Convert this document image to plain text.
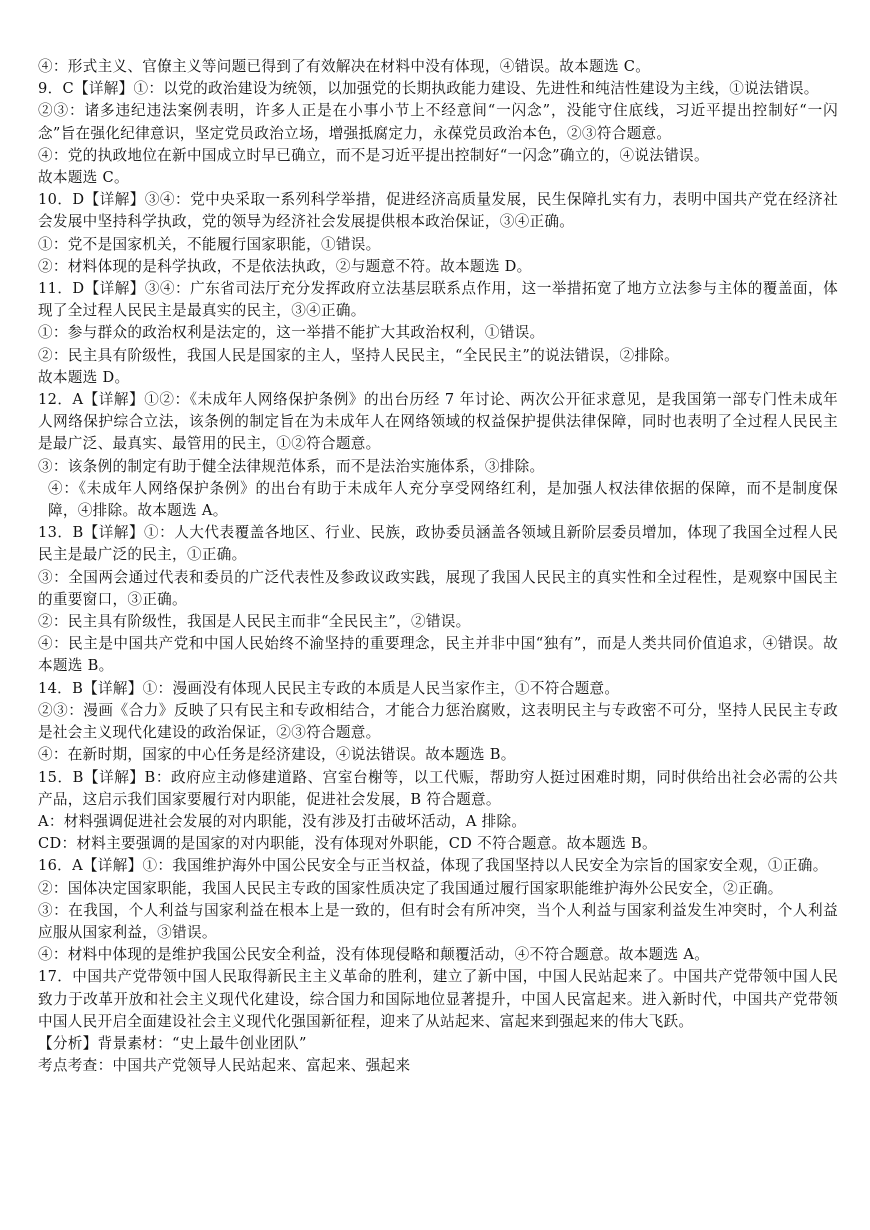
④：形式主义、官僚主义等问题已得到了有效解决在材料中没有体现，④错误。故本题选 C。

9．C【详解】①：以党的政治建设为统领，以加强党的长期执政能力建设、先进性和纯洁性建设为主线，①说法错误。

②③：诸多违纪违法案例表明，许多人正是在小事小节上不经意间“一闪念”，没能守住底线，习近平提出控制好“一闪念”旨在强化纪律意识，坚定党员政治立场，增强抵腐定力，永葆党员政治本色，②③符合题意。

④：党的执政地位在新中国成立时早已确立，而不是习近平提出控制好“一闪念”确立的，④说法错误。

故本题选 C。

10．D【详解】③④：党中央采取一系列科学举措，促进经济高质量发展，民生保障扎实有力，表明中国共产党在经济社会发展中坚持科学执政，党的领导为经济社会发展提供根本政治保证，③④正确。

①：党不是国家机关，不能履行国家职能，①错误。

②：材料体现的是科学执政，不是依法执政，②与题意不符。故本题选 D。

11．D【详解】③④：广东省司法厅充分发挥政府立法基层联系点作用，这一举措拓宽了地方立法参与主体的覆盖面，体现了全过程人民民主是最真实的民主，③④正确。

①：参与群众的政治权利是法定的，这一举措不能扩大其政治权利，①错误。

②：民主具有阶级性，我国人民是国家的主人，坚持人民民主，“全民民主”的说法错误，②排除。

故本题选 D。

12．A【详解】①②：《未成年人网络保护条例》的出台历经 7 年讨论、两次公开征求意见，是我国第一部专门性未成年人网络保护综合立法，该条例的制定旨在为未成年人在网络领域的权益保护提供法律保障，同时也表明了全过程人民民主是最广泛、最真实、最管用的民主，①②符合题意。

③：该条例的制定有助于健全法律规范体系，而不是法治实施体系，③排除。

④：《未成年人网络保护条例》的出台有助于未成年人充分享受网络红利，是加强人权法律依据的保障，而不是制度保障，④排除。故本题选 A。

13．B【详解】①：人大代表覆盖各地区、行业、民族，政协委员涵盖各领域且新阶层委员增加，体现了我国全过程人民民主是最广泛的民主，①正确。

③：全国两会通过代表和委员的广泛代表性及参政议政实践，展现了我国人民民主的真实性和全过程性，是观察中国民主的重要窗口，③正确。

②：民主具有阶级性，我国是人民民主而非“全民民主”，②错误。

④：民主是中国共产党和中国人民始终不渝坚持的重要理念，民主并非中国“独有”，而是人类共同价值追求，④错误。故本题选 B。

14．B【详解】①：漫画没有体现人民民主专政的本质是人民当家作主，①不符合题意。

②③：漫画《合力》反映了只有民主和专政相结合，才能合力惩治腐败，这表明民主与专政密不可分，坚持人民民主专政是社会主义现代化建设的政治保证，②③符合题意。

④：在新时期，国家的中心任务是经济建设，④说法错误。故本题选 B。

15．B【详解】B：政府应主动修建道路、宫室台榭等，以工代赈，帮助穷人挺过困难时期，同时供给出社会必需的公共产品，这启示我们国家要履行对内职能，促进社会发展，B 符合题意。

A：材料强调促进社会发展的对内职能，没有涉及打击破坏活动，A 排除。

CD：材料主要强调的是国家的对内职能，没有体现对外职能，CD 不符合题意。故本题选 B。

16．A【详解】①：我国维护海外中国公民安全与正当权益，体现了我国坚持以人民安全为宗旨的国家安全观，①正确。

②：国体决定国家职能，我国人民民主专政的国家性质决定了我国通过履行国家职能维护海外公民安全，②正确。

③：在我国，个人利益与国家利益在根本上是一致的，但有时会有所冲突，当个人利益与国家利益发生冲突时，个人利益应服从国家利益，③错误。

④：材料中体现的是维护我国公民安全利益，没有体现侵略和颠覆活动，④不符合题意。故本题选 A。

17．中国共产党带领中国人民取得新民主主义革命的胜利，建立了新中国，中国人民站起来了。中国共产党带领中国人民致力于改革开放和社会主义现代化建设，综合国力和国际地位显著提升，中国人民富起来。进入新时代，中国共产党带领中国人民开启全面建设社会主义现代化强国新征程，迎来了从站起来、富起来到强起来的伟大飞跃。

【分析】背景素材：“史上最牛创业团队”

考点考查：中国共产党领导人民站起来、富起来、强起来
